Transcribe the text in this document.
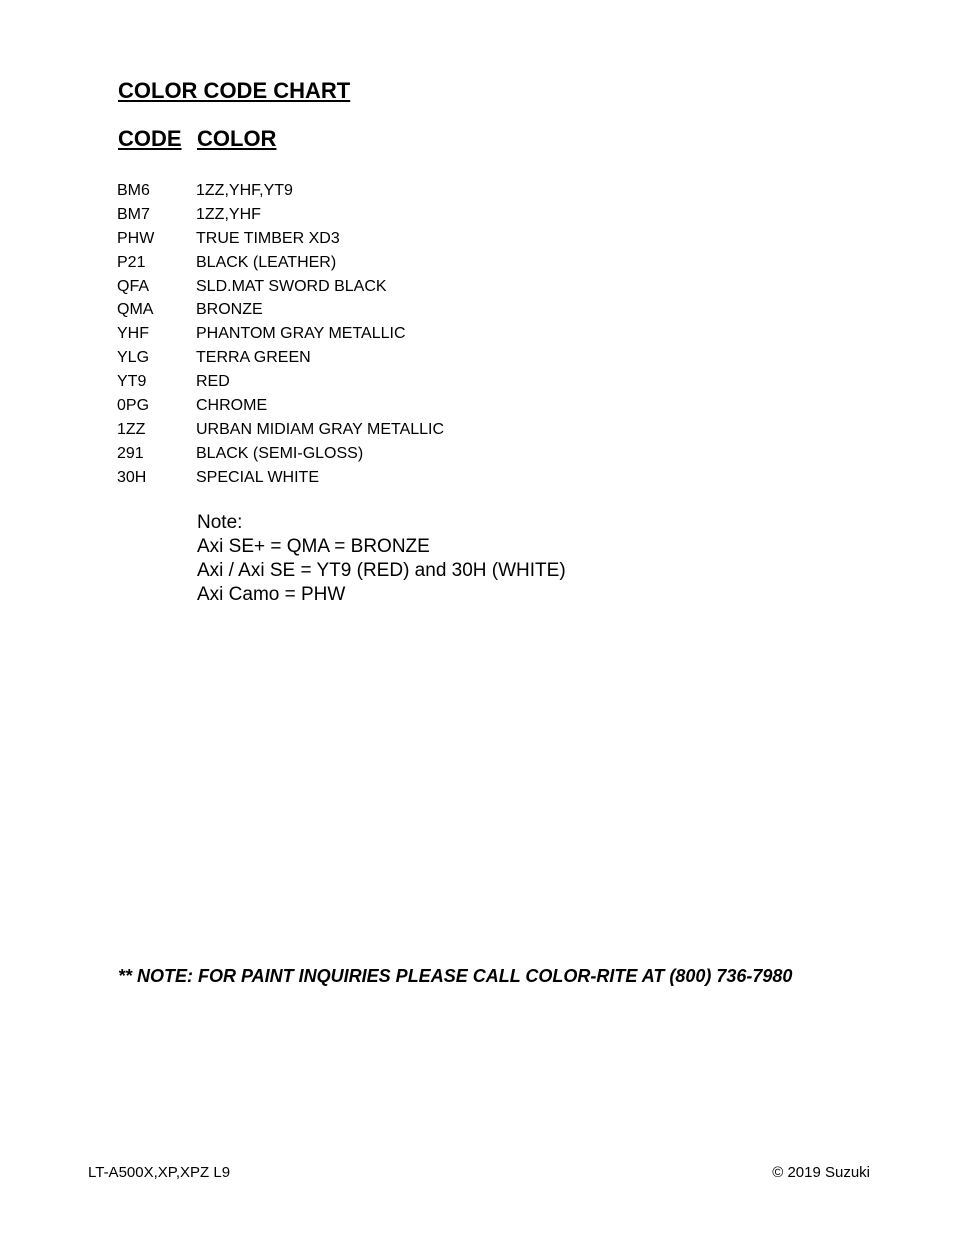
COLOR CODE CHART
CODE COLOR
BM6	1ZZ,YHF,YT9
BM7	1ZZ,YHF
PHW	TRUE TIMBER XD3
P21	BLACK (LEATHER)
QFA	SLD.MAT SWORD BLACK
QMA	BRONZE
YHF	PHANTOM GRAY METALLIC
YLG	TERRA GREEN
YT9	RED
0PG	CHROME
1ZZ	URBAN MIDIAM GRAY METALLIC
291	BLACK (SEMI-GLOSS)
30H	SPECIAL WHITE
Note:
Axi SE+ = QMA = BRONZE
Axi / Axi SE = YT9 (RED) and 30H (WHITE)
Axi Camo = PHW
** NOTE: FOR PAINT INQUIRIES PLEASE CALL COLOR-RITE AT (800) 736-7980
LT-A500X,XP,XPZ L9	© 2019 Suzuki
